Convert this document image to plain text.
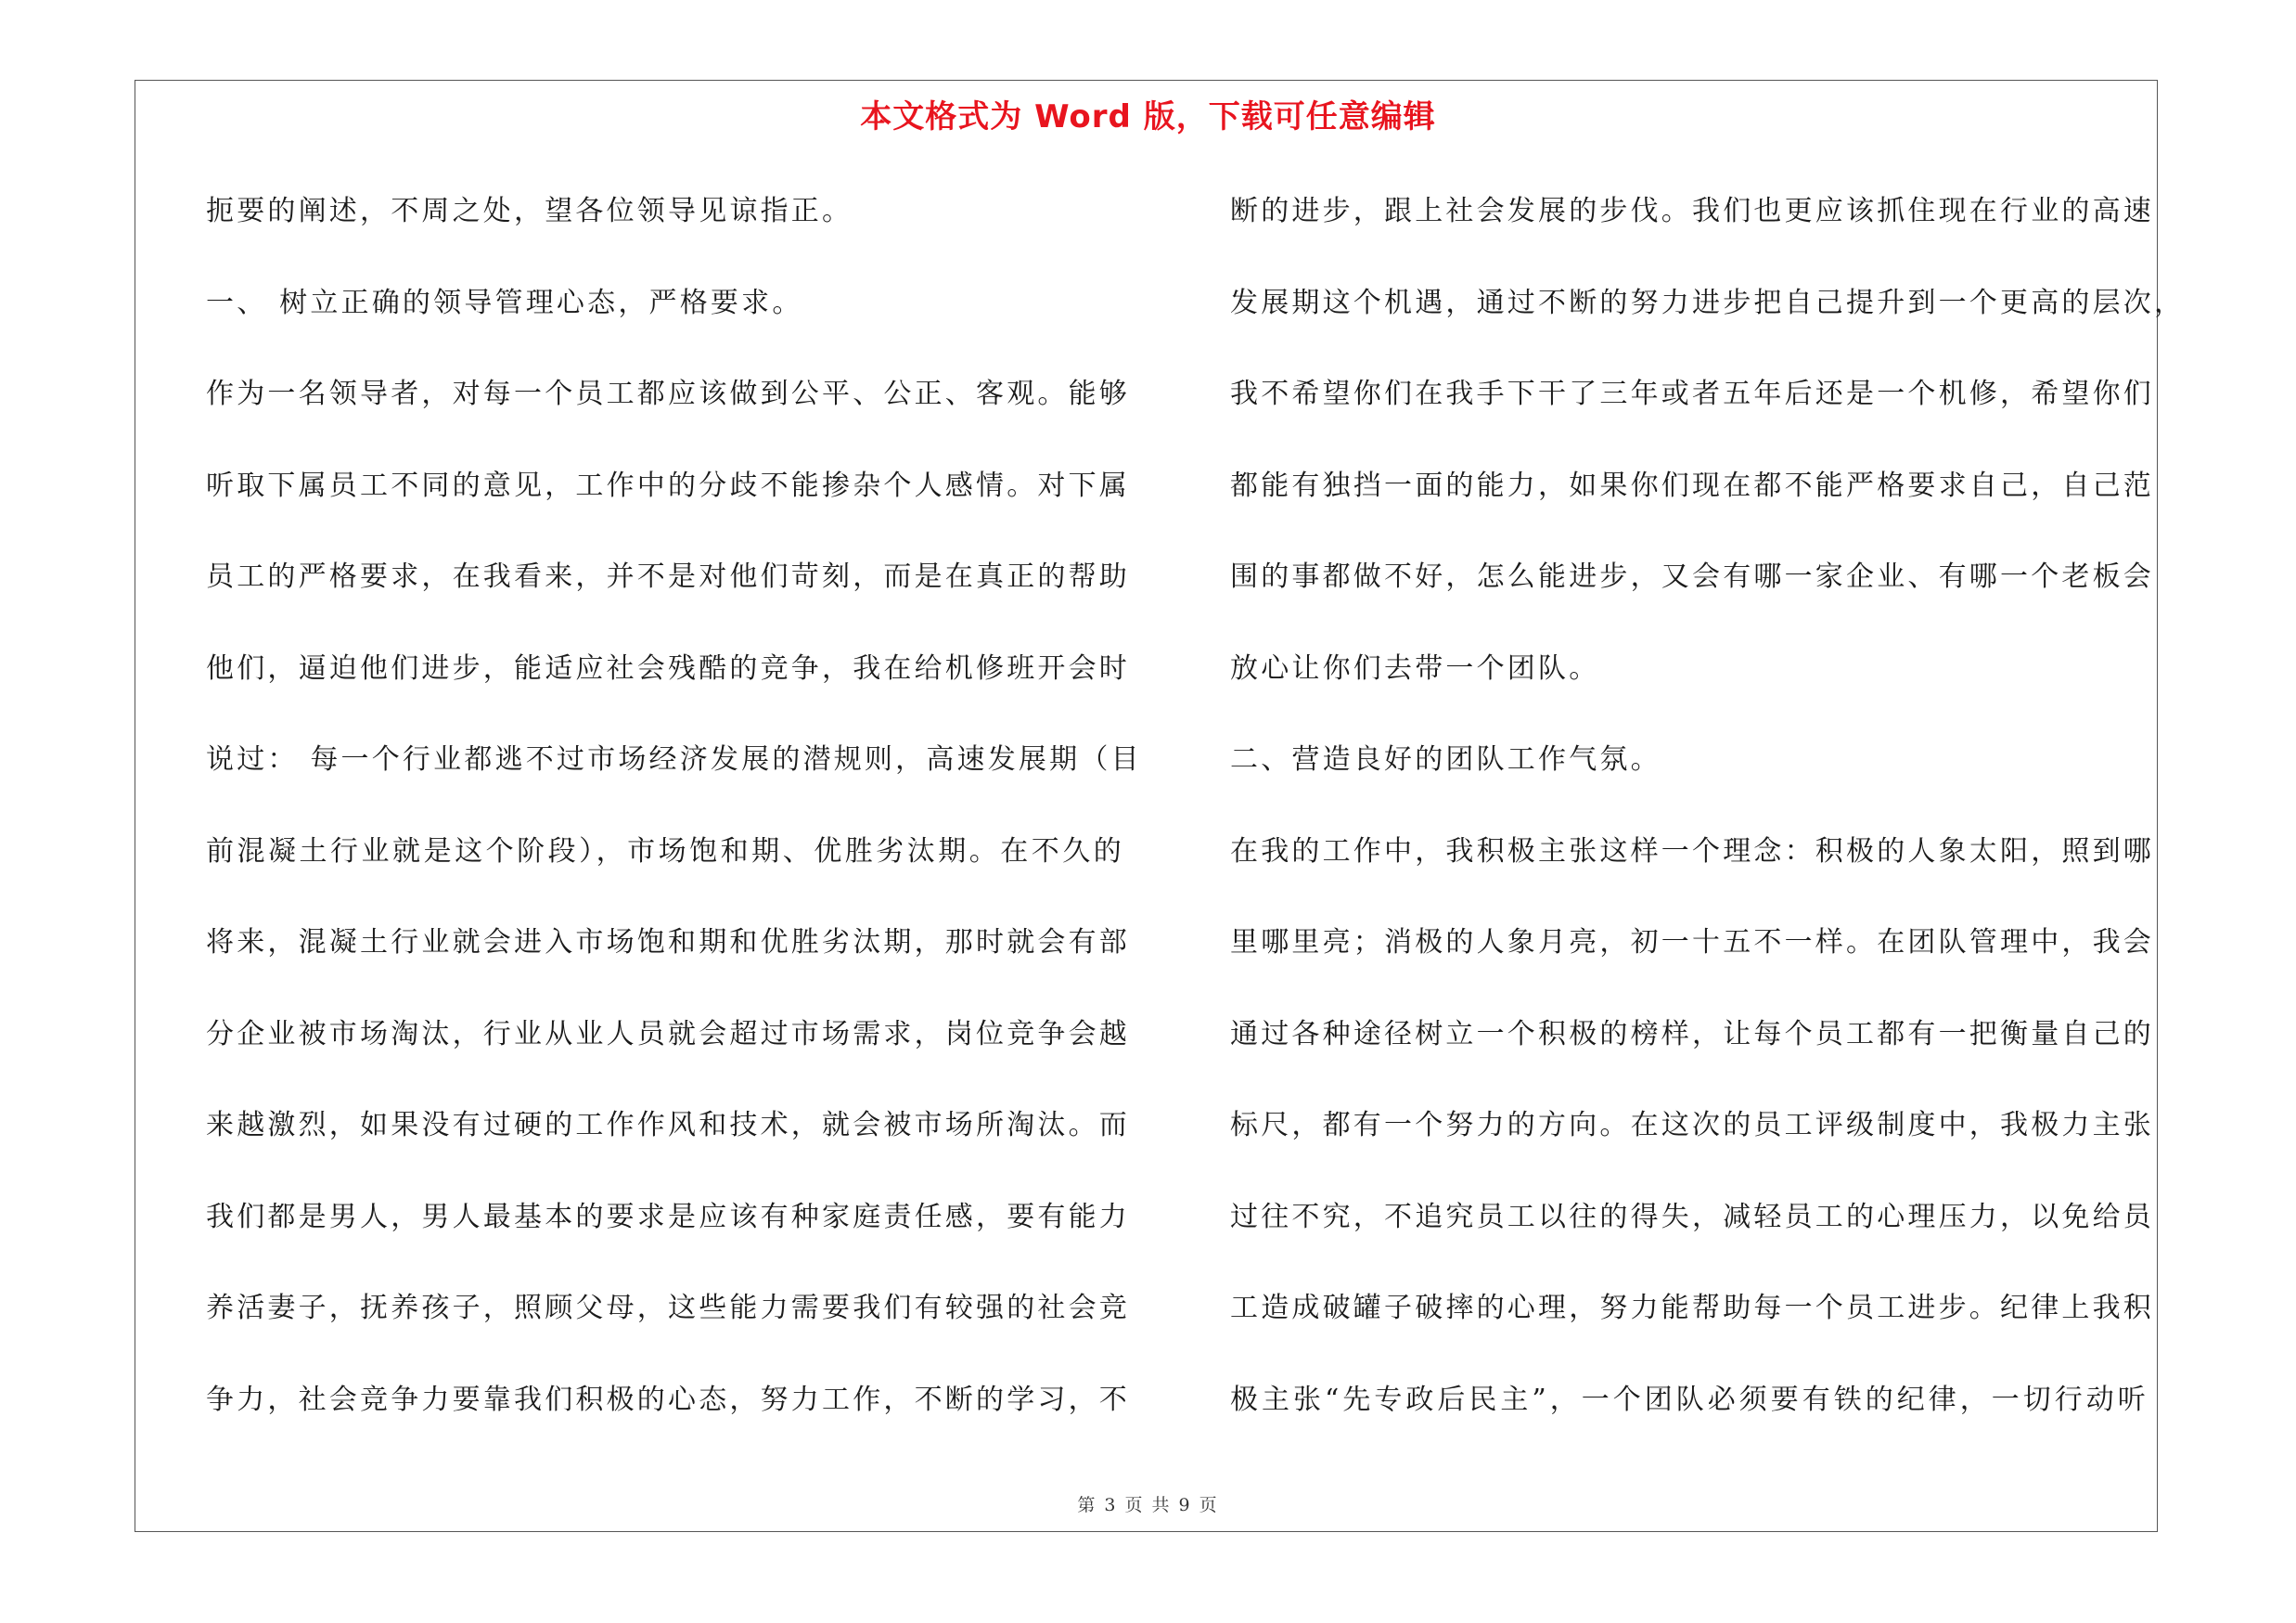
本文格式为 Word 版，下载可任意编辑
扼要的阐述，不周之处，望各位领导见谅指正。
一、 树立正确的领导管理心态，严格要求。
作为一名领导者，对每一个员工都应该做到公平、公正、客观。能够
听取下属员工不同的意见，工作中的分歧不能掺杂个人感情。对下属
员工的严格要求，在我看来，并不是对他们苛刻，而是在真正的帮助
他们，逼迫他们进步，能适应社会残酷的竞争，我在给机修班开会时
说过： 每一个行业都逃不过市场经济发展的潜规则，高速发展期（目
前混凝土行业就是这个阶段），市场饱和期、优胜劣汰期。在不久的
将来，混凝土行业就会进入市场饱和期和优胜劣汰期，那时就会有部
分企业被市场淘汰，行业从业人员就会超过市场需求，岗位竞争会越
来越激烈，如果没有过硬的工作作风和技术，就会被市场所淘汰。而
我们都是男人，男人最基本的要求是应该有种家庭责任感，要有能力
养活妻子，抚养孩子，照顾父母，这些能力需要我们有较强的社会竞
争力，社会竞争力要靠我们积极的心态，努力工作，不断的学习，不
断的进步，跟上社会发展的步伐。我们也更应该抓住现在行业的高速
发展期这个机遇，通过不断的努力进步把自己提升到一个更高的层次，
我不希望你们在我手下干了三年或者五年后还是一个机修，希望你们
都能有独挡一面的能力，如果你们现在都不能严格要求自己，自己范
围的事都做不好，怎么能进步，又会有哪一家企业、有哪一个老板会
放心让你们去带一个团队。
二、营造良好的团队工作气氛。
在我的工作中，我积极主张这样一个理念：积极的人象太阳，照到哪
里哪里亮；消极的人象月亮，初一十五不一样。在团队管理中，我会
通过各种途径树立一个积极的榜样，让每个员工都有一把衡量自己的
标尺，都有一个努力的方向。在这次的员工评级制度中，我极力主张
过往不究，不追究员工以往的得失，减轻员工的心理压力，以免给员
工造成破罐子破摔的心理，努力能帮助每一个员工进步。纪律上我积
极主张“先专政后民主”，一个团队必须要有铁的纪律，一切行动听
第 3 页 共 9 页
